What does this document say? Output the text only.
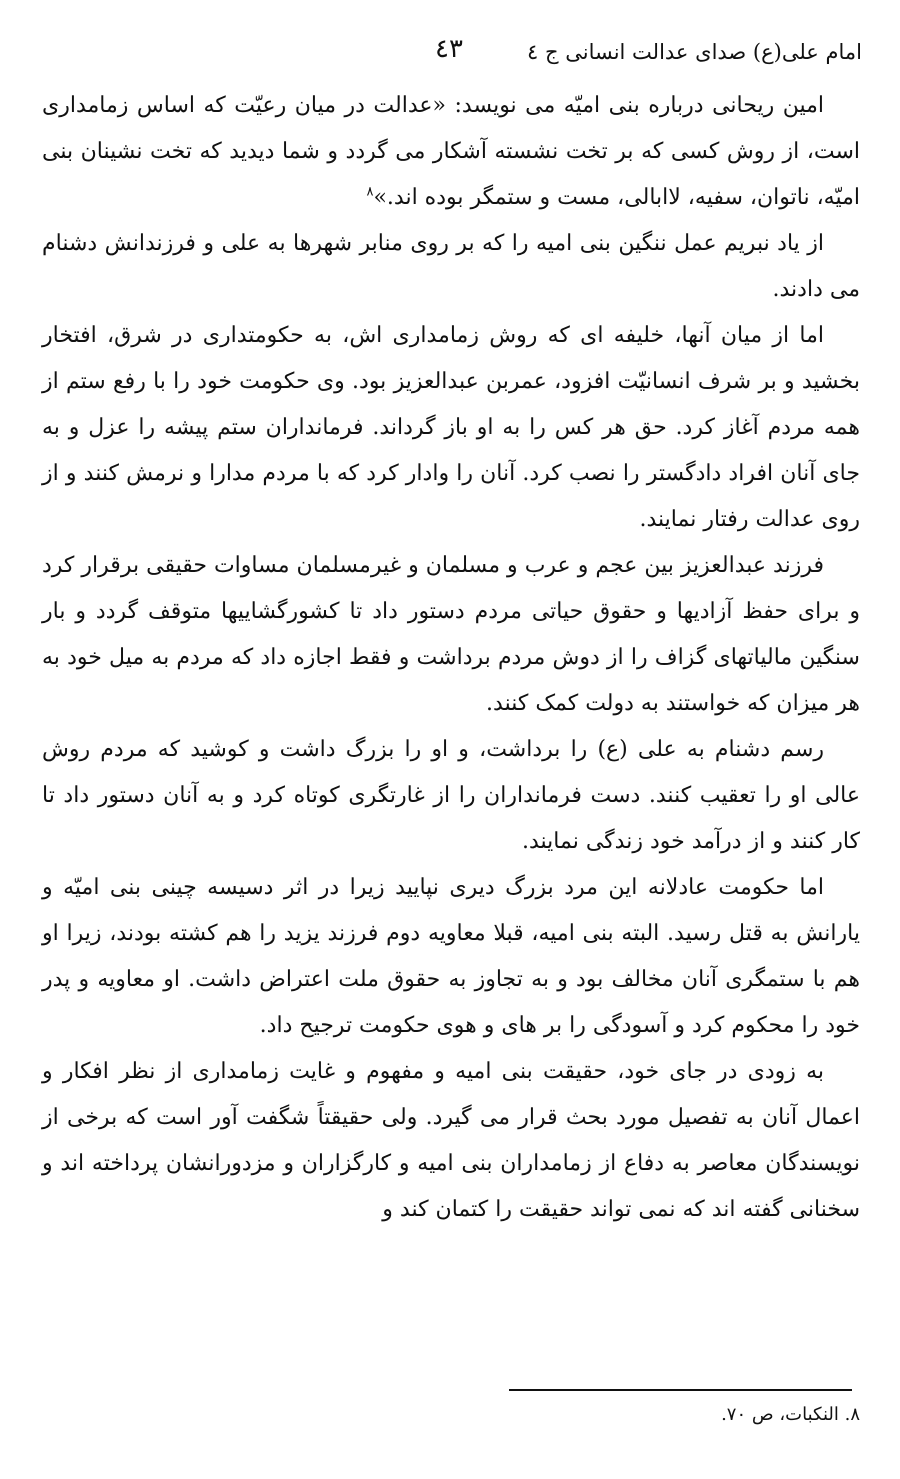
امام علی(ع) صدای عدالت انسانی ج ٤
٤٣

امین ریحانی درباره بنی امیّه می نویسد: «عدالت در میان رعیّت که اساس زمامداری است، از روش کسی که بر تخت نشسته آشکار می گردد و شما دیدید که تخت نشینان بنی امیّه، ناتوان، سفیه، لاابالی، مست و ستمگر بوده اند.»$^٨$

از یاد نبریم عمل ننگین بنی امیه را که بر روی منابر شهرها به علی و فرزندانش دشنام می دادند.

اما از میان آنها، خلیفه ای که روش زمامداری اش، به حکومتداری در شرق، افتخار بخشید و بر شرف انسانیّت افزود، عمربن عبدالعزیز بود. وی حکومت خود را با رفع ستم از همه مردم آغاز کرد. حق هر کس را به او باز گرداند. فرمانداران ستم پیشه را عزل و به جای آنان افراد دادگستر را نصب کرد. آنان را وادار کرد که با مردم مدارا و نرمش کنند و از روی عدالت رفتار نمایند.

فرزند عبدالعزیز بین عجم و عرب و مسلمان و غیرمسلمان مساوات حقیقی برقرار کرد و برای حفظ آزادیها و حقوق حیاتی مردم دستور داد تا کشورگشاییها متوقف گردد و بار سنگین مالیاتهای گزاف را از دوش مردم برداشت و فقط اجازه داد که مردم به میل خود به هر میزان که خواستند به دولت کمک کنند.

رسم دشنام به علی (ع) را برداشت، و او را بزرگ داشت و کوشید که مردم روش عالی او را تعقیب کنند. دست فرمانداران را از غارتگری کوتاه کرد و به آنان دستور داد تا کار کنند و از درآمد خود زندگی نمایند.

اما حکومت عادلانه این مرد بزرگ دیری نپایید زیرا در اثر دسیسه چینی بنی امیّه و یارانش به قتل رسید. البته بنی امیه، قبلا معاویه دوم فرزند یزید را هم کشته بودند، زیرا او هم با ستمگری آنان مخالف بود و به تجاوز به حقوق ملت اعتراض داشت. او معاویه و پدر خود را محکوم کرد و آسودگی را بر های و هوی حکومت ترجیح داد.

به زودی در جای خود، حقیقت بنی امیه و مفهوم و غایت زمامداری از نظر افکار و اعمال آنان به تفصیل مورد بحث قرار می گیرد. ولی حقیقتاً شگفت آور است که برخی از نویسندگان معاصر به دفاع از زمامداران بنی امیه و کارگزاران و مزدورانشان پرداخته اند و سخنانی گفته اند که نمی تواند حقیقت را کتمان کند و

٨. النکبات، ص ٧٠.
